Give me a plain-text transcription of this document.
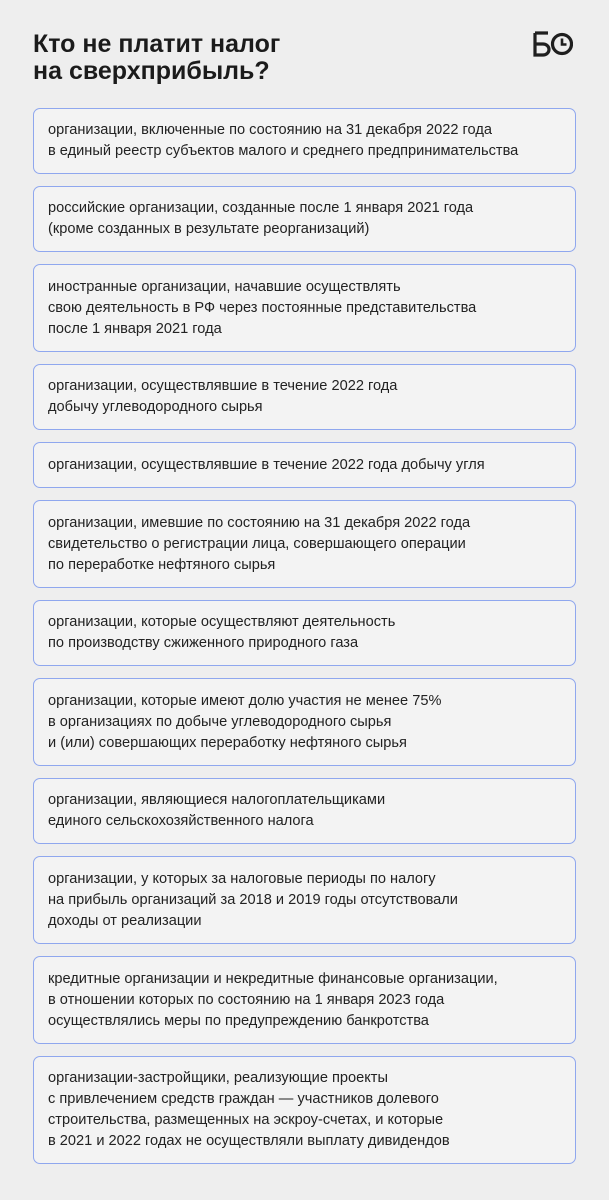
Кто не платит налог
на сверхприбыль?
организации, включенные по состоянию на 31 декабря 2022 года
в единый реестр субъектов малого и среднего предпринимательства
российские организации, созданные после 1 января 2021 года
(кроме созданных в результате реорганизаций)
иностранные организации, начавшие осуществлять
свою деятельность в РФ через постоянные представительства
после 1 января 2021 года
организации, осуществлявшие в течение 2022 года
добычу углеводородного сырья
организации, осуществлявшие в течение 2022 года добычу угля
организации, имевшие по состоянию на 31 декабря 2022 года
свидетельство о регистрации лица, совершающего операции
по переработке нефтяного сырья
организации, которые осуществляют деятельность
по производству сжиженного природного газа
организации, которые имеют долю участия не менее 75%
в организациях по добыче углеводородного сырья
и (или) совершающих переработку нефтяного сырья
организации, являющиеся налогоплательщиками
единого сельскохозяйственного налога
организации, у которых за налоговые периоды по налогу
на прибыль организаций за 2018 и 2019 годы отсутствовали
доходы от реализации
кредитные организации и некредитные финансовые организации,
в отношении которых по состоянию на 1 января 2023 года
осуществлялись меры по предупреждению банкротства
организации-застройщики, реализующие проекты
с привлечением средств граждан — участников долевого
строительства, размещенных на эскроу-счетах, и которые
в 2021 и 2022 годах не осуществляли выплату дивидендов
